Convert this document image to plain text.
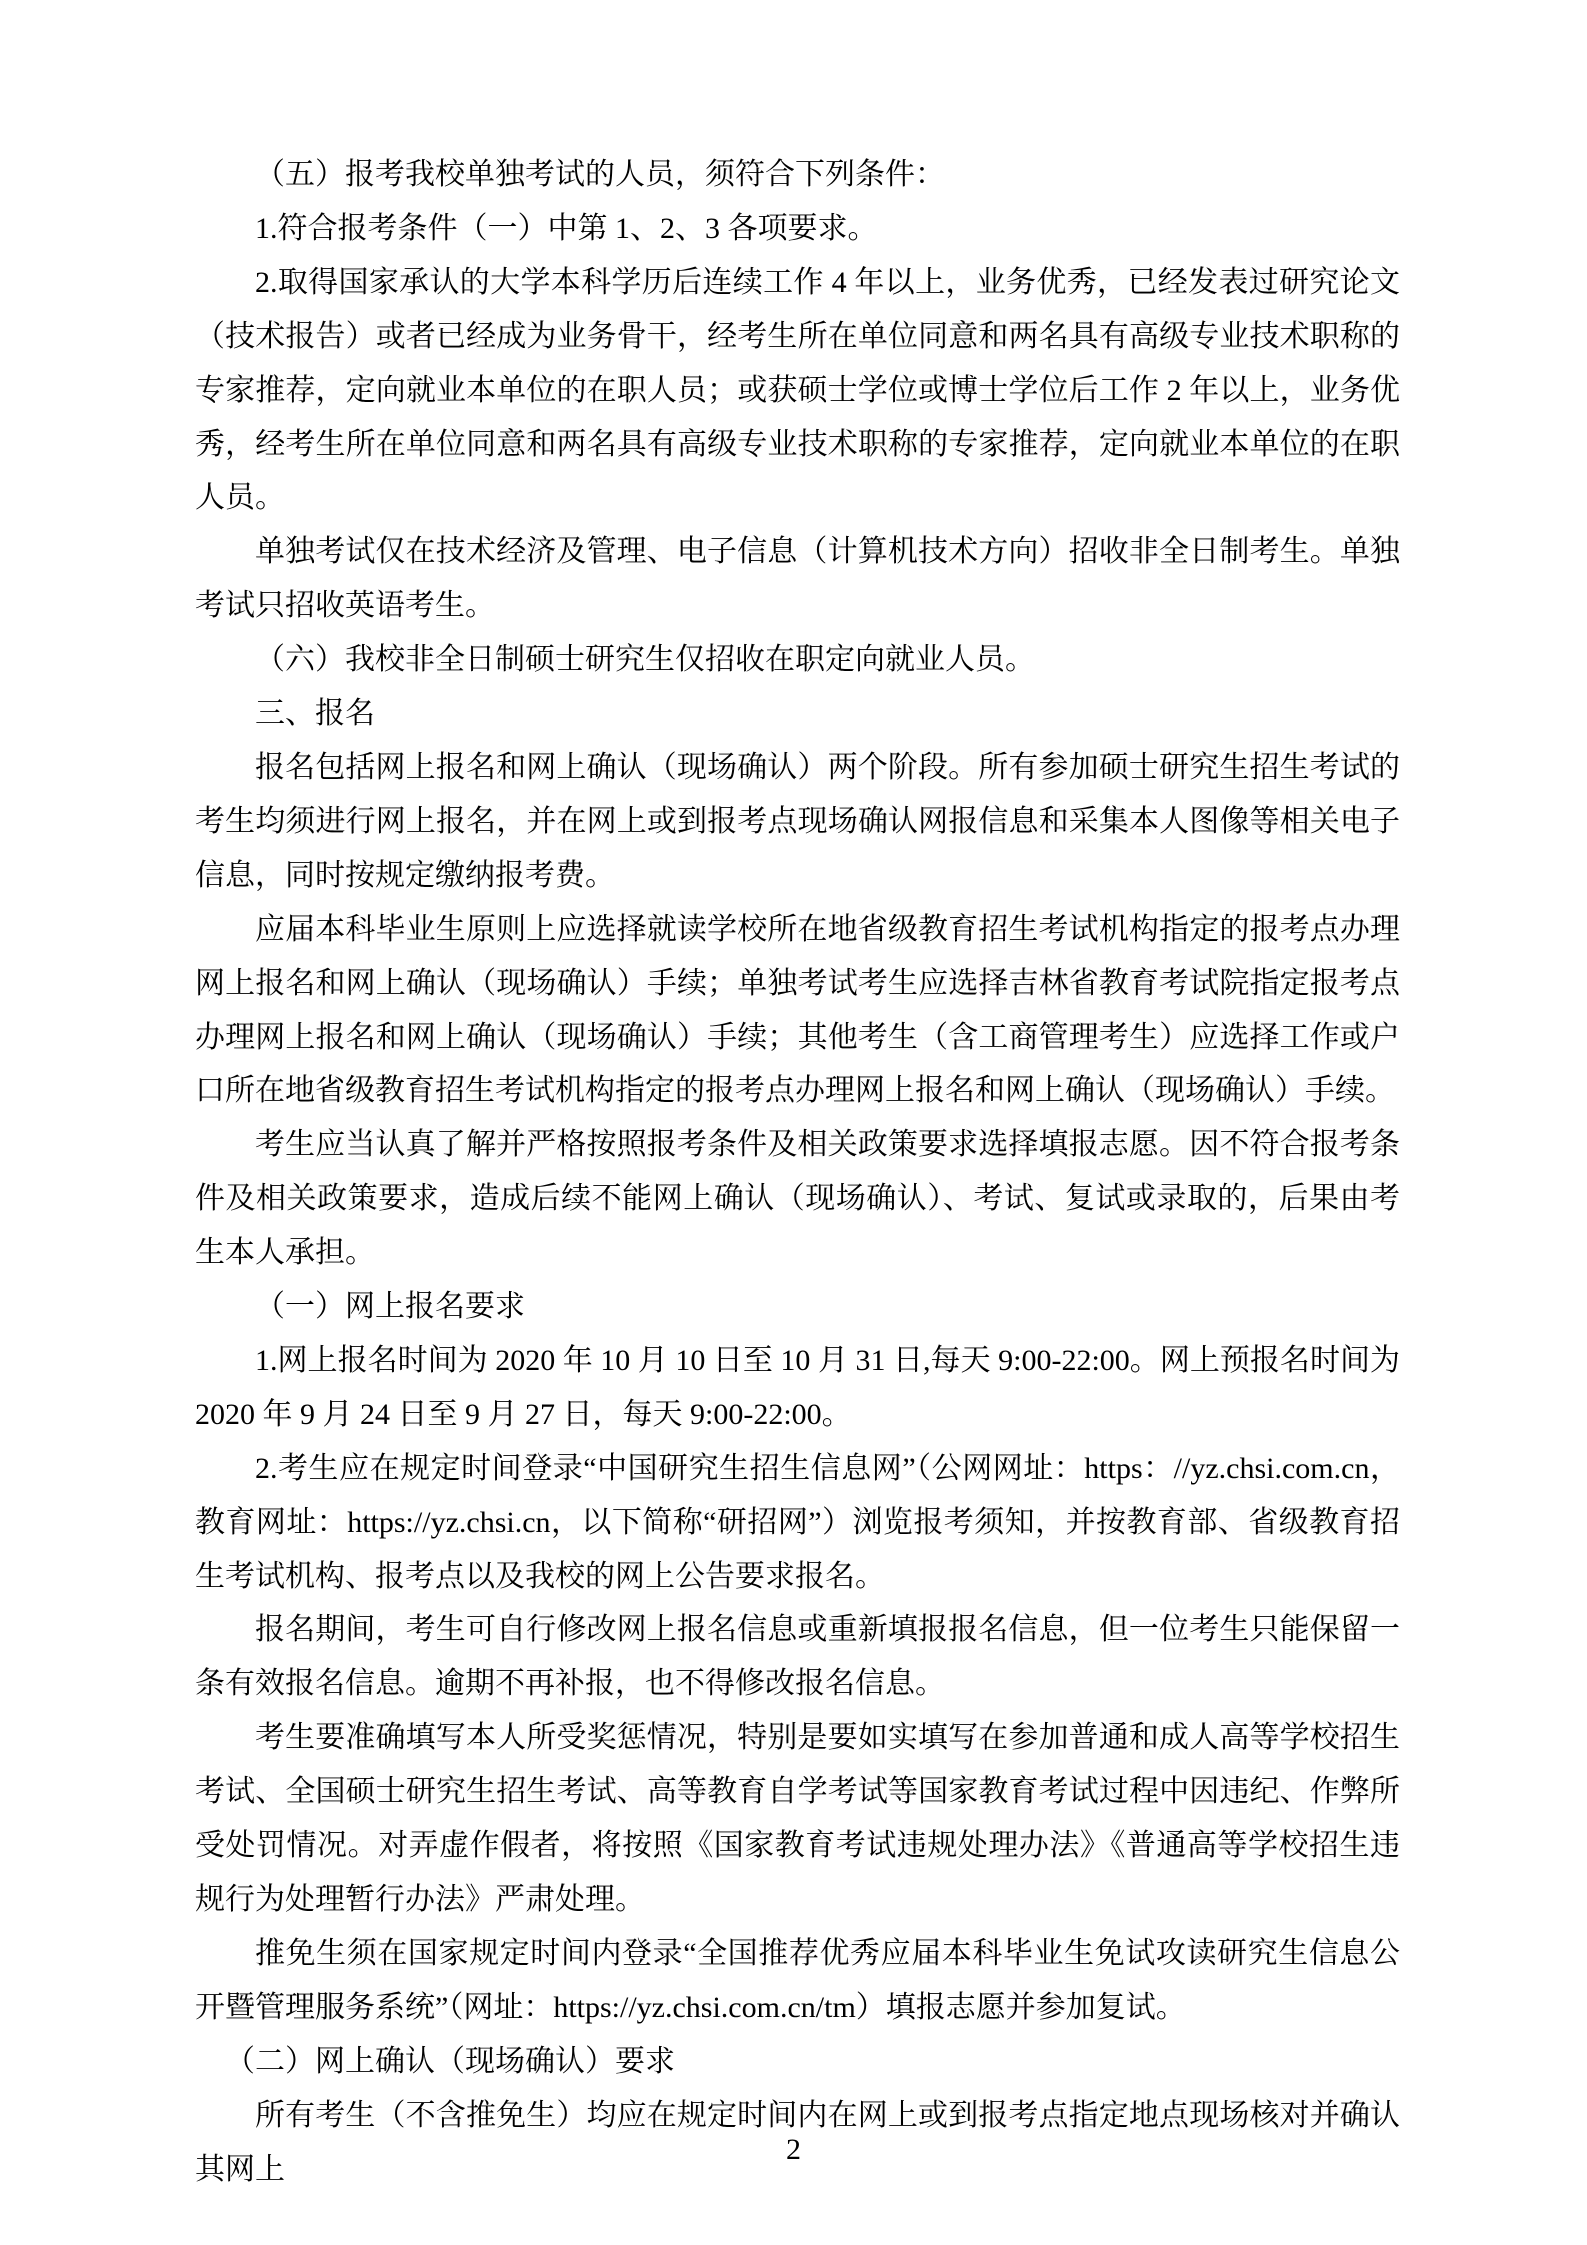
（五）报考我校单独考试的人员，须符合下列条件：

1.符合报考条件（一）中第 1、2、3 各项要求。

2.取得国家承认的大学本科学历后连续工作 4 年以上，业务优秀，已经发表过研究论文（技术报告）或者已经成为业务骨干，经考生所在单位同意和两名具有高级专业技术职称的专家推荐，定向就业本单位的在职人员；或获硕士学位或博士学位后工作 2 年以上，业务优秀，经考生所在单位同意和两名具有高级专业技术职称的专家推荐，定向就业本单位的在职人员。

单独考试仅在技术经济及管理、电子信息（计算机技术方向）招收非全日制考生。单独考试只招收英语考生。

（六）我校非全日制硕士研究生仅招收在职定向就业人员。

三、报名

报名包括网上报名和网上确认（现场确认）两个阶段。所有参加硕士研究生招生考试的考生均须进行网上报名，并在网上或到报考点现场确认网报信息和采集本人图像等相关电子信息，同时按规定缴纳报考费。

应届本科毕业生原则上应选择就读学校所在地省级教育招生考试机构指定的报考点办理网上报名和网上确认（现场确认）手续；单独考试考生应选择吉林省教育考试院指定报考点办理网上报名和网上确认（现场确认）手续；其他考生（含工商管理考生）应选择工作或户口所在地省级教育招生考试机构指定的报考点办理网上报名和网上确认（现场确认）手续。

考生应当认真了解并严格按照报考条件及相关政策要求选择填报志愿。因不符合报考条件及相关政策要求，造成后续不能网上确认（现场确认）、考试、复试或录取的，后果由考生本人承担。

（一）网上报名要求

1.网上报名时间为 2020 年 10 月 10 日至 10 月 31 日,每天 9:00-22:00。网上预报名时间为 2020 年 9 月 24 日至 9 月 27 日，每天 9:00-22:00。

2.考生应在规定时间登录“中国研究生招生信息网”（公网网址：https：//yz.chsi.com.cn，教育网址：https://yz.chsi.cn，以下简称“研招网”）浏览报考须知，并按教育部、省级教育招生考试机构、报考点以及我校的网上公告要求报名。

报名期间，考生可自行修改网上报名信息或重新填报报名信息，但一位考生只能保留一条有效报名信息。逾期不再补报，也不得修改报名信息。

考生要准确填写本人所受奖惩情况，特别是要如实填写在参加普通和成人高等学校招生考试、全国硕士研究生招生考试、高等教育自学考试等国家教育考试过程中因违纪、作弊所受处罚情况。对弄虚作假者，将按照《国家教育考试违规处理办法》《普通高等学校招生违规行为处理暂行办法》严肃处理。

推免生须在国家规定时间内登录“全国推荐优秀应届本科毕业生免试攻读研究生信息公开暨管理服务系统”（网址：https://yz.chsi.com.cn/tm）填报志愿并参加复试。

（二）网上确认（现场确认）要求

所有考生（不含推免生）均应在规定时间内在网上或到报考点指定地点现场核对并确认其网上

2
